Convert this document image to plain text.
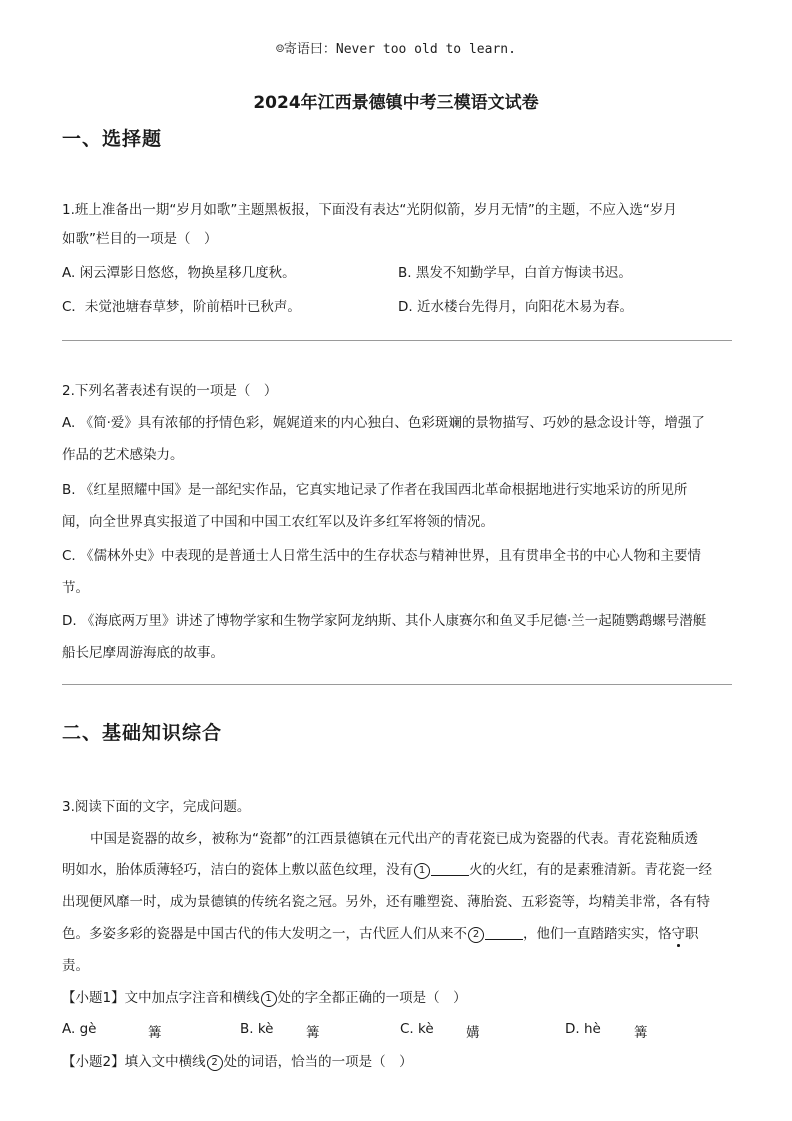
☺寄语曰：Never too old to learn.
2024年江西景德镇中考三模语文试卷
一、选择题
1.班上准备出一期“岁月如歌”主题黑板报，下面没有表达“光阴似箭，岁月无情”的主题，不应入选“岁月
如歌”栏目的一项是（　）
A. 闲云潭影日悠悠，物换星移几度秋。	B. 黑发不知勤学早，白首方悔读书迟。
C．未觉池塘春草梦，阶前梧叶已秋声。	D. 近水楼台先得月，向阳花木易为春。
2.下列名著表述有误的一项是（　）
A. 《简·爱》具有浓郁的抒情色彩，娓娓道来的内心独白、色彩斑斓的景物描写、巧妙的悬念设计等，增强了
作品的艺术感染力。
B. 《红星照耀中国》是一部纪实作品，它真实地记录了作者在我国西北革命根据地进行实地采访的所见所
闻，向全世界真实报道了中国和中国工农红军以及许多红军将领的情况。
C. 《儒林外史》中表现的是普通士人日常生活中的生存状态与精神世界，且有贯串全书的中心人物和主要情
节。
D. 《海底两万里》讲述了博物学家和生物学家阿龙纳斯、其仆人康赛尔和鱼叉手尼德·兰一起随鹦鹉螺号潜艇
船长尼摩周游海底的故事。
二、基础知识综合
3.阅读下面的文字，完成问题。
中国是瓷器的故乡，被称为“瓷都”的江西景德镇在元代出产的青花瓷已成为瓷器的代表。青花瓷釉质透
明如水，胎体质薄轻巧，洁白的瓷体上敷以蓝色纹理，没有 1	火的火红，有的是素雅清新。青花瓷一经
出现便风靡一时，成为景德镇的传统名瓷之冠。另外，还有雕塑瓷、薄胎瓷、五彩瓷等，均精美非常，各有特
色。多姿多彩的瓷器是中国古代的伟大发明之一，古代匠人们从来不 2	，他们一直踏踏实实，恪守职
责。
【小题1】文中加点字注音和横线 1 处的字全都正确的一项是（　）
A. gè	篝	B. kè 篝	C. kè 媾	D. hè 篝
【小题2】填入文中横线 2 处的词语，恰当的一项是（　）
